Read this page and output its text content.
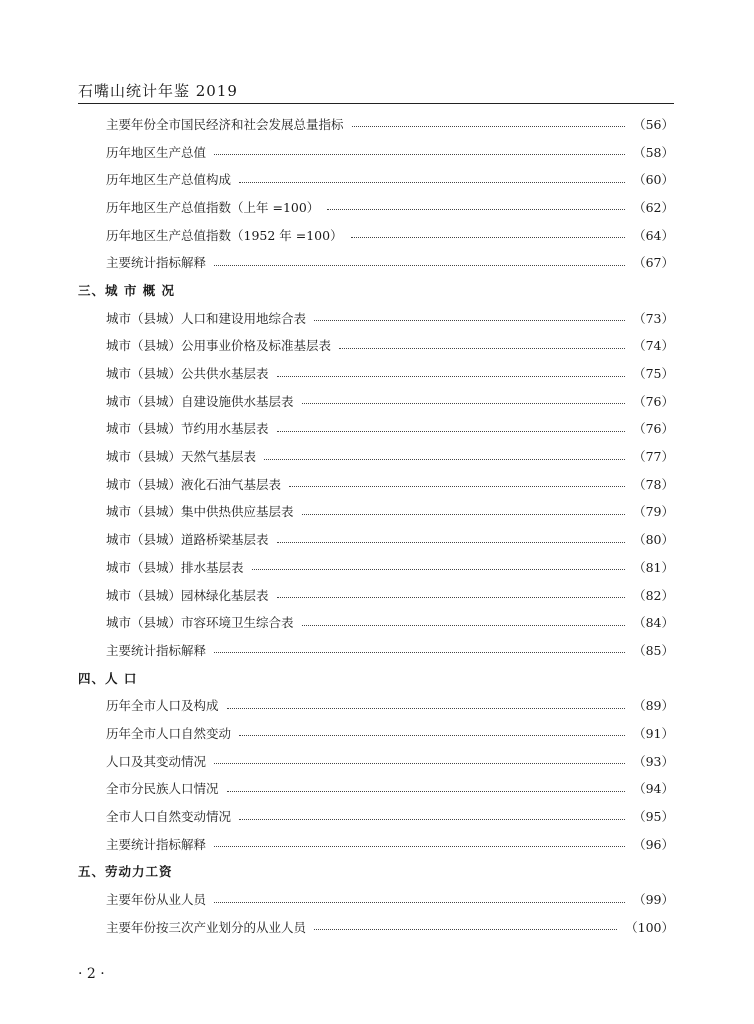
石嘴山统计年鉴 2019
主要年份全市国民经济和社会发展总量指标	（56）
历年地区生产总值	（58）
历年地区生产总值构成	（60）
历年地区生产总值指数（上年 =100）	（62）
历年地区生产总值指数（1952 年 =100）	（64）
主要统计指标解释	（67）
三、城 市 概 况
城市（县城）人口和建设用地综合表	（73）
城市（县城）公用事业价格及标准基层表	（74）
城市（县城）公共供水基层表	（75）
城市（县城）自建设施供水基层表	（76）
城市（县城）节约用水基层表	（76）
城市（县城）天然气基层表	（77）
城市（县城）液化石油气基层表	（78）
城市（县城）集中供热供应基层表	（79）
城市（县城）道路桥梁基层表	（80）
城市（县城）排水基层表	（81）
城市（县城）园林绿化基层表	（82）
城市（县城）市容环境卫生综合表	（84）
主要统计指标解释	（85）
四、人 口
历年全市人口及构成	（89）
历年全市人口自然变动	（91）
人口及其变动情况	（93）
全市分民族人口情况	（94）
全市人口自然变动情况	（95）
主要统计指标解释	（96）
五、劳动力工资
主要年份从业人员	（99）
主要年份按三次产业划分的从业人员	（100）
· 2 ·
